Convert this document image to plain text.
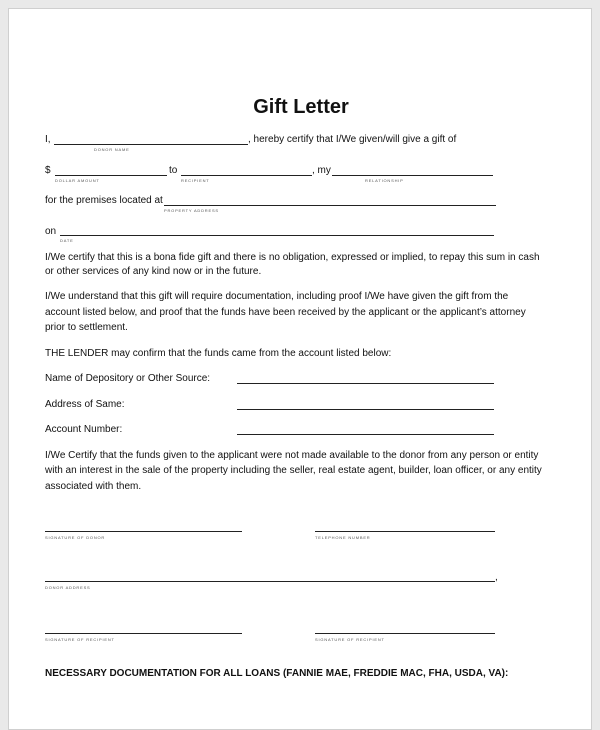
Gift Letter
I,	, hereby certify that I/We given/will give a gift of
DONOR NAME
$
DOLLAR AMOUNT
to
RECIPIENT
, my
RELATIONSHIP
for the premises located at
PROPERTY ADDRESS
on
DATE
I/We certify that this is a bona fide gift and there is no obligation, expressed or implied, to repay this sum in cash
or other services of any kind now or in the future.
I/We understand that this gift will require documentation, including proof I/We have given the gift from the
account listed below, and proof that the funds have been received by the applicant or the applicant’s attorney
prior to settlement.
THE LENDER may confirm that the funds came from the account listed below:
Name of Depository or Other Source:
Address of Same:
Account Number:
I/We Certify that the funds given to the applicant were not made available to the donor from any person or entity
with an interest in the sale of the property including the seller, real estate agent, builder, loan officer, or any entity
associated with them.
SIGNATURE OF DONOR	TELEPHONE NUMBER
,
DONOR ADDRESS
SIGNATURE OF RECIPIENT	SIGNATURE OF RECIPIENT
NECESSARY DOCUMENTATION FOR ALL LOANS (FANNIE MAE, FREDDIE MAC, FHA, USDA, VA):
